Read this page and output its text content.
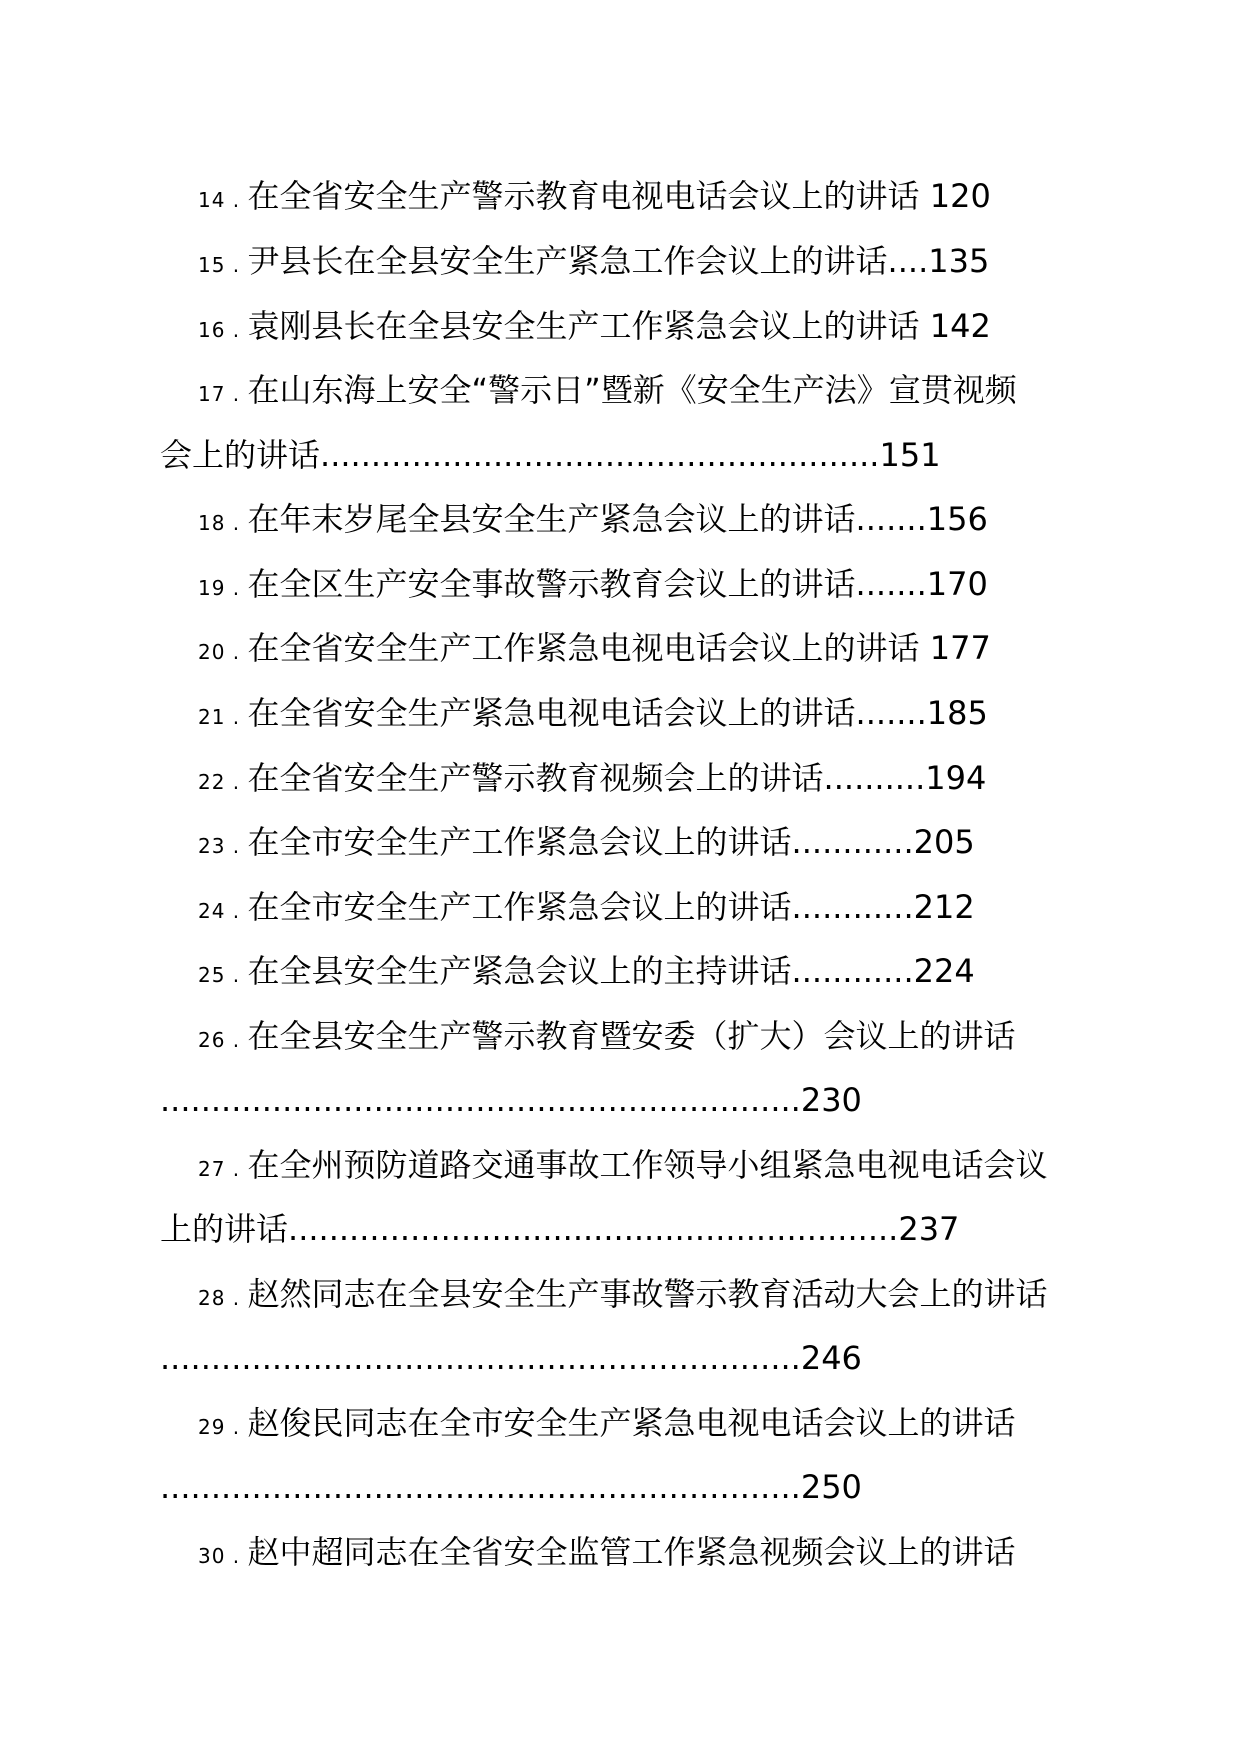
14 . 在全省安全生产警示教育电视电话会议上的讲话 120
15 . 尹县长在全县安全生产紧急工作会议上的讲话....135
16 . 袁刚县长在全县安全生产工作紧急会议上的讲话 142
17 . 在山东海上安全“警示日”暨新《安全生产法》宣贯视频
会上的讲话.......................................................151
18 . 在年末岁尾全县安全生产紧急会议上的讲话.......156
19 . 在全区生产安全事故警示教育会议上的讲话.......170
20 . 在全省安全生产工作紧急电视电话会议上的讲话 177
21 . 在全省安全生产紧急电视电话会议上的讲话.......185
22 . 在全省安全生产警示教育视频会上的讲话..........194
23 . 在全市安全生产工作紧急会议上的讲话............205
24 . 在全市安全生产工作紧急会议上的讲话............212
25 . 在全县安全生产紧急会议上的主持讲话............224
26 . 在全县安全生产警示教育暨安委（扩大）会议上的讲话
...............................................................230
27 . 在全州预防道路交通事故工作领导小组紧急电视电话会议
上的讲话............................................................237
28 . 赵然同志在全县安全生产事故警示教育活动大会上的讲话
...............................................................246
29 . 赵俊民同志在全市安全生产紧急电视电话会议上的讲话
...............................................................250
30 . 赵中超同志在全省安全监管工作紧急视频会议上的讲话
